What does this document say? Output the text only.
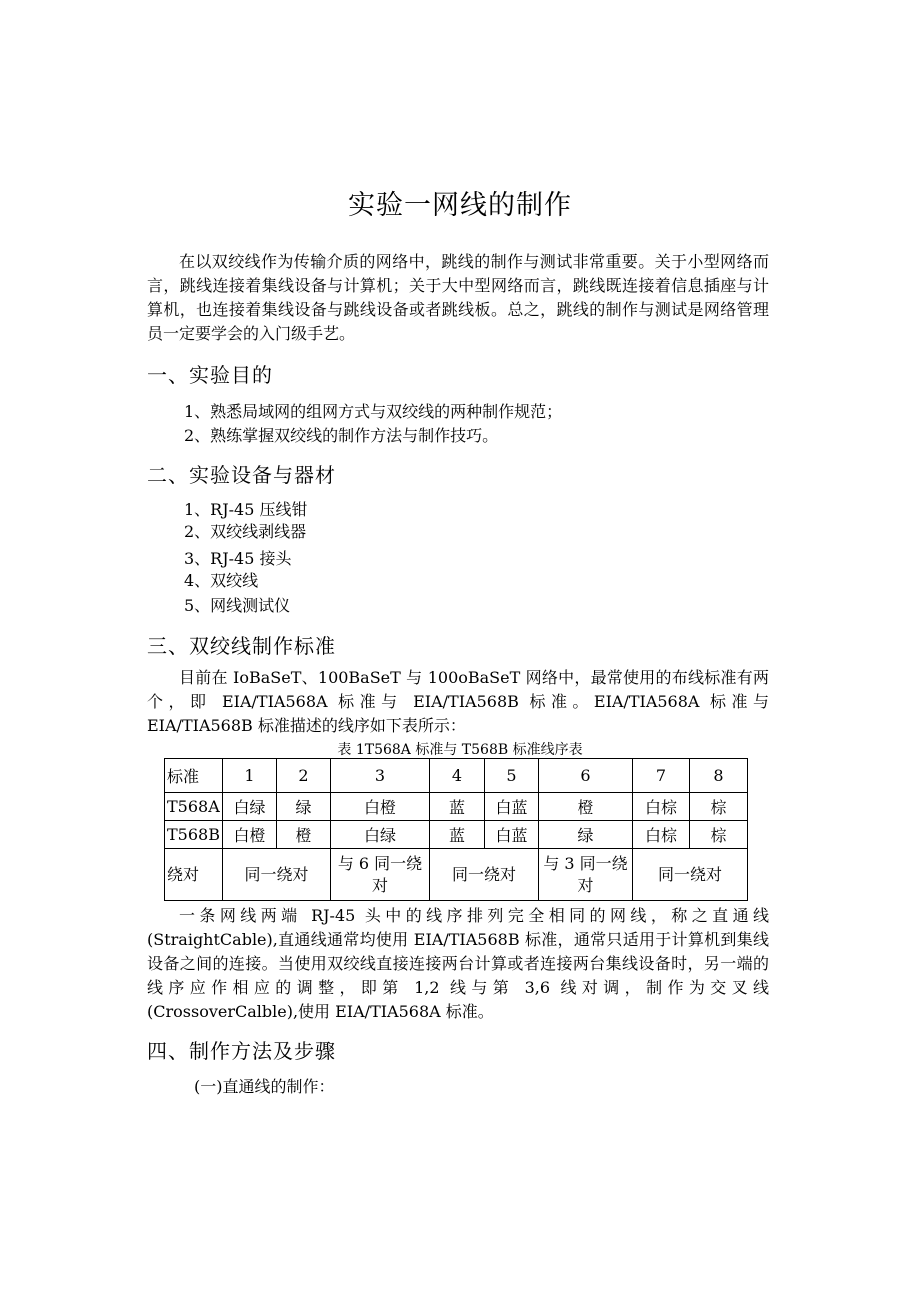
实验一网线的制作
在以双绞线作为传输介质的网络中，跳线的制作与测试非常重要。关于小型网络而言，跳线连接着集线设备与计算机；关于大中型网络而言，跳线既连接着信息插座与计算机，也连接着集线设备与跳线设备或者跳线板。总之，跳线的制作与测试是网络管理员一定要学会的入门级手艺。
一、实验目的
1、熟悉局域网的组网方式与双绞线的两种制作规范；
2、熟练掌握双绞线的制作方法与制作技巧。
二、实验设备与器材
1、RJ-45 压线钳
2、双绞线剥线器
3、RJ-45 接头
4、双绞线
5、网线测试仪
三、双绞线制作标准
目前在 IoBaSeT、100BaSeT 与 100oBaSeT 网络中，最常使用的布线标准有两个，即 EIA/TIA568A 标准与 EIA/TIA568B 标准。EIA/TIA568A 标准与 EIA/TIA568B 标准描述的线序如下表所示：
表 1T568A 标准与 T568B 标准线序表
标准	1	2	3	4	5	6	7	8
T568A	白绿	绿	白橙	蓝	白蓝	橙	白棕	棕
T568B	白橙	橙	白绿	蓝	白蓝	绿	白棕	棕
绕对	同一绕对		与 6 同一绕对	同一绕对		与 3 同一绕对	同一绕对	
一条网线两端 RJ-45 头中的线序排列完全相同的网线，称之直通线 (StraightCable),直通线通常均使用 EIA/TIA568B 标准，通常只适用于计算机到集线设备之间的连接。当使用双绞线直接连接两台计算或者连接两台集线设备时，另一端的线序应作相应的调整，即第 1,2 线与第 3,6 线对调，制作为交叉线 (CrossoverCalble),使用 EIA/TIA568A 标准。
四、制作方法及步骤
(一)直通线的制作：
